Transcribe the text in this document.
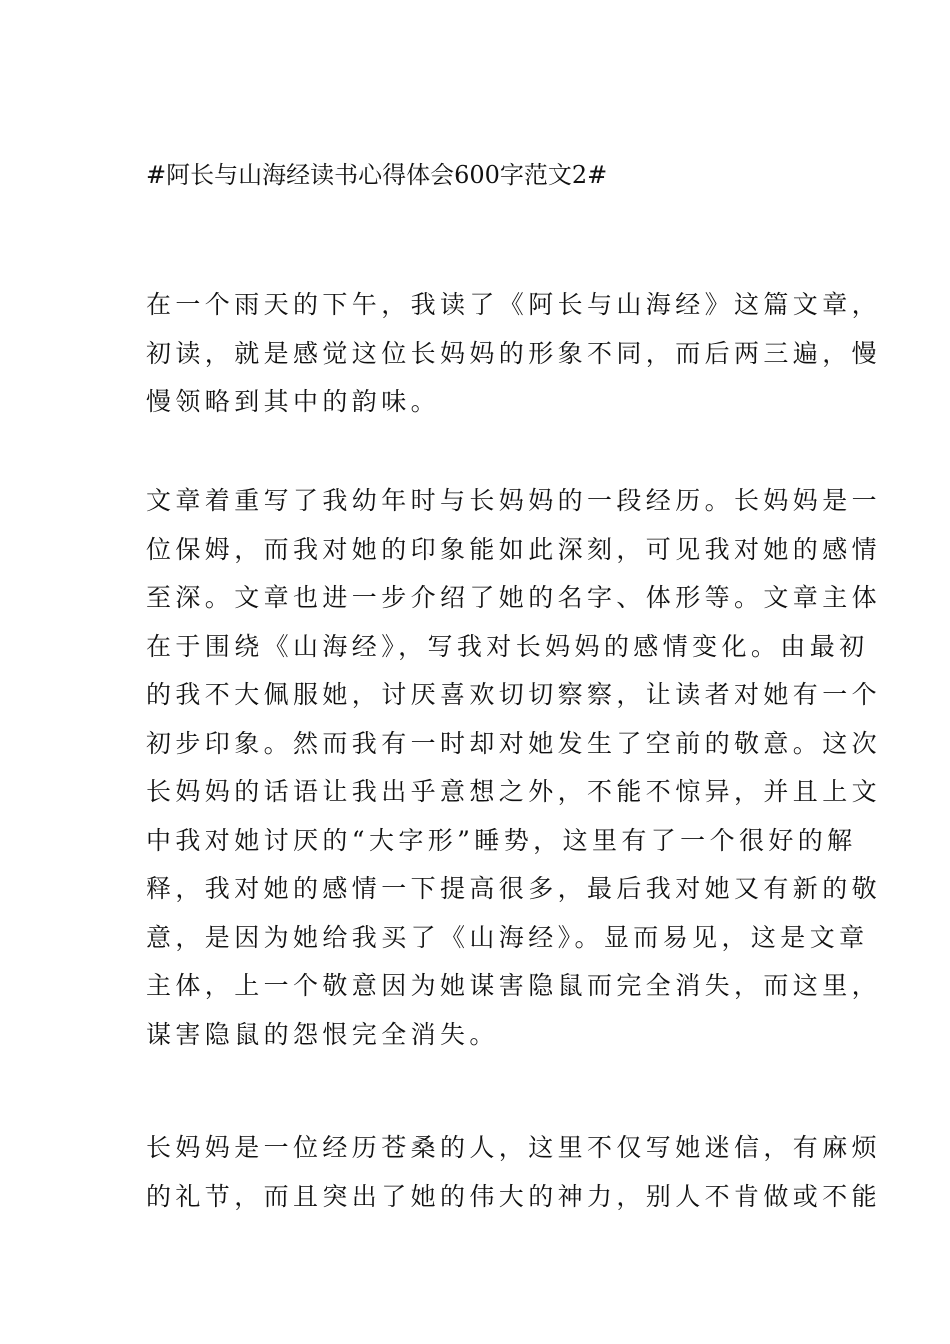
#阿长与山海经读书心得体会600字范文2#
在一个雨天的下午，我读了《阿长与山海经》这篇文章，
初读，就是感觉这位长妈妈的形象不同，而后两三遍，慢
慢领略到其中的韵味。
文章着重写了我幼年时与长妈妈的一段经历。长妈妈是一
位保姆，而我对她的印象能如此深刻，可见我对她的感情
至深。文章也进一步介绍了她的名字、体形等。文章主体
在于围绕《山海经》，写我对长妈妈的感情变化。由最初
的我不大佩服她，讨厌喜欢切切察察，让读者对她有一个
初步印象。然而我有一时却对她发生了空前的敬意。这次
长妈妈的话语让我出乎意想之外，不能不惊异，并且上文
中我对她讨厌的“大字形”睡势，这里有了一个很好的解
释，我对她的感情一下提高很多，最后我对她又有新的敬
意，是因为她给我买了《山海经》。显而易见，这是文章
主体，上一个敬意因为她谋害隐鼠而完全消失，而这里，
谋害隐鼠的怨恨完全消失。
长妈妈是一位经历苍桑的人，这里不仅写她迷信，有麻烦
的礼节，而且突出了她的伟大的神力，别人不肯做或不能
